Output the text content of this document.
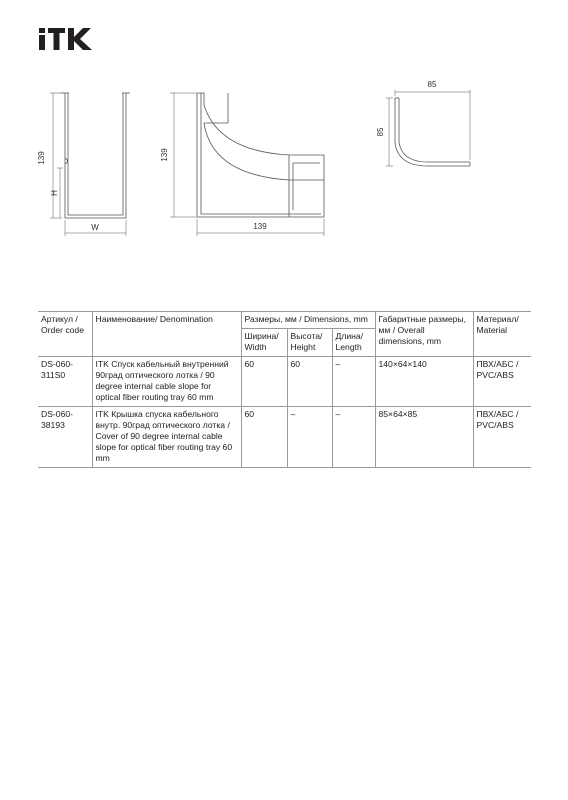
139
H
W
139
139
85
85
Артикул / Order code	Наименование/ Denomination	Размеры, мм / Dimensions, mm			Габаритные размеры, мм / Overall dimensions, mm	Материал/ Material
		Ширина/ Width	Высота/ Height	Длина/ Length		
DS-060-311S0	ITK Спуск кабельный внутренний 90град оптического лотка / 90 degree internal cable slope for optical fiber routing tray 60 mm	60	60	–	140×64×140	ПВХ/АБС / PVC/ABS
DS-060-38193	ITK Крышка спуска кабельного внутр. 90град оптического лотка / Cover of 90 degree internal cable slope for optical fiber routing tray 60 mm	60	–	–	85×64×85	ПВХ/АБС / PVC/ABS
